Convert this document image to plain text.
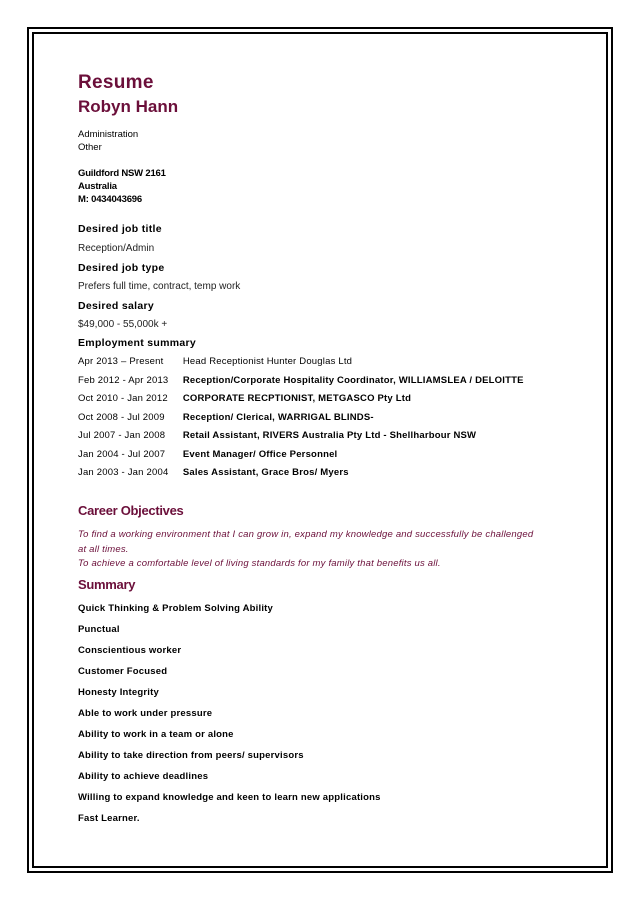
Resume
Robyn Hann
Administration
Other
Guildford NSW 2161
Australia
M: 0434043696
Desired job title
Reception/Admin
Desired job type
Prefers full time, contract, temp work
Desired salary
$49,000 - 55,000k +
Employment summary
Apr 2013 – Present Head Receptionist Hunter Douglas Ltd
Feb 2012 - Apr 2013 Reception/Corporate Hospitality Coordinator, WILLIAMSLEA / DELOITTE
Oct 2010 - Jan 2012 CORPORATE RECPTIONIST, METGASCO Pty Ltd
Oct 2008 - Jul 2009 Reception/ Clerical, WARRIGAL BLINDS-
Jul 2007 - Jan 2008 Retail Assistant, RIVERS Australia Pty Ltd - Shellharbour NSW
Jan 2004 - Jul 2007 Event Manager/ Office Personnel
Jan 2003 - Jan 2004 Sales Assistant, Grace Bros/ Myers
Career Objectives
To find a working environment that I can grow in, expand my knowledge and successfully be challenged
at all times.
To achieve a comfortable level of living standards for my family that benefits us all.
Summary
Quick Thinking & Problem Solving Ability
Punctual
Conscientious worker
Customer Focused
Honesty Integrity
Able to work under pressure
Ability to work in a team or alone
Ability to take direction from peers/ supervisors
Ability to achieve deadlines
Willing to expand knowledge and keen to learn new applications
Fast Learner.
